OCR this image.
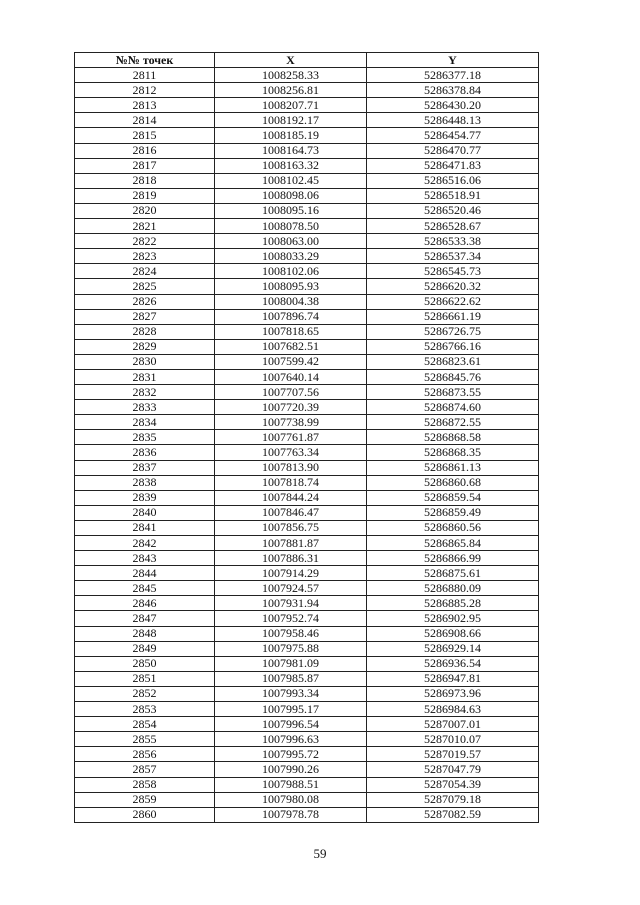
№№ точек	X	Y
2811	1008258.33	5286377.18
2812	1008256.81	5286378.84
2813	1008207.71	5286430.20
2814	1008192.17	5286448.13
2815	1008185.19	5286454.77
2816	1008164.73	5286470.77
2817	1008163.32	5286471.83
2818	1008102.45	5286516.06
2819	1008098.06	5286518.91
2820	1008095.16	5286520.46
2821	1008078.50	5286528.67
2822	1008063.00	5286533.38
2823	1008033.29	5286537.34
2824	1008102.06	5286545.73
2825	1008095.93	5286620.32
2826	1008004.38	5286622.62
2827	1007896.74	5286661.19
2828	1007818.65	5286726.75
2829	1007682.51	5286766.16
2830	1007599.42	5286823.61
2831	1007640.14	5286845.76
2832	1007707.56	5286873.55
2833	1007720.39	5286874.60
2834	1007738.99	5286872.55
2835	1007761.87	5286868.58
2836	1007763.34	5286868.35
2837	1007813.90	5286861.13
2838	1007818.74	5286860.68
2839	1007844.24	5286859.54
2840	1007846.47	5286859.49
2841	1007856.75	5286860.56
2842	1007881.87	5286865.84
2843	1007886.31	5286866.99
2844	1007914.29	5286875.61
2845	1007924.57	5286880.09
2846	1007931.94	5286885.28
2847	1007952.74	5286902.95
2848	1007958.46	5286908.66
2849	1007975.88	5286929.14
2850	1007981.09	5286936.54
2851	1007985.87	5286947.81
2852	1007993.34	5286973.96
2853	1007995.17	5286984.63
2854	1007996.54	5287007.01
2855	1007996.63	5287010.07
2856	1007995.72	5287019.57
2857	1007990.26	5287047.79
2858	1007988.51	5287054.39
2859	1007980.08	5287079.18
2860	1007978.78	5287082.59
59
